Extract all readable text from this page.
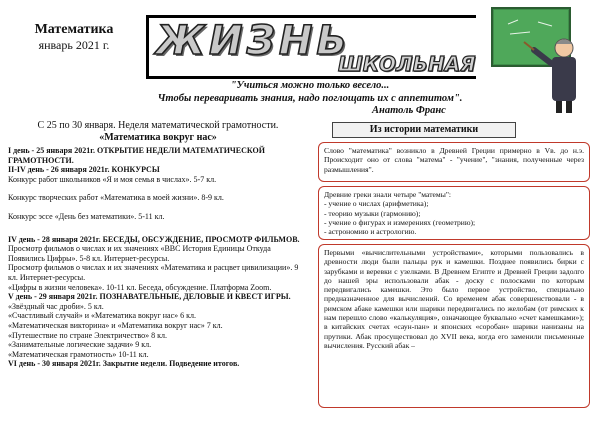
Математика
январь 2021 г.	ЖИЗНЬ
ШКОЛЬНАЯ
"Учиться можно только весело...
Чтобы переваривать знания, надо поглощать их с аппетитом".
Анатоль Франс
С 25 по 30 января. Неделя математической грамотности.
«Математика вокруг нас»

I день - 25 января 2021г. ОТКРЫТИЕ НЕДЕЛИ МАТЕМАТИЧЕСКОЙ ГРАМОТНОСТИ.

II-IV день - 26 января 2021г. КОНКУРСЫ

Конкурс работ школьников «Я и моя семья в числах». 5-7 кл.

Конкурс творческих работ «Математика в моей жизни». 8-9 кл.

Конкурс эссе «День без математики». 5-11 кл.

IV день - 28 января 2021г. БЕСЕДЫ, ОБСУЖДЕНИЕ, ПРОСМОТР ФИЛЬМОВ.

Просмотр фильмов о числах и их значениях «BBC История Единицы Откуда Появились Цифры». 5-8 кл. Интернет-ресурсы.

Просмотр фильмов о числах и их значениях «Математика и расцвет цивилизации». 9 кл. Интернет-ресурсы.

«Цифры в жизни человека». 10-11 кл. Беседа, обсуждение. Платформа Zoom.

V день - 29 января 2021г. ПОЗНАВАТЕЛЬНЫЕ, ДЕЛОВЫЕ И КВЕСТ ИГРЫ.

«Звёздный час дроби». 5 кл.

«Счастливый случай» и «Математика вокруг нас» 6 кл.

«Математическая викторина» и «Математика вокруг нас» 7 кл.

«Путешествие по стране Электричество» 8 кл.

«Занимательные логические задачи» 9 кл.

«Математическая грамотность» 10-11 кл.

VI день - 30 января 2021г. Закрытие недели. Подведение итогов.

Из истории математики
Слово "математика" возникло в Древней Греции примерно в Vв. до н.э. Происходит оно от слова "матема" - "учение", "знания, полученные через размышления".
Древние греки знали четыре "матемы":
- учение о числах (арифметика);
- теорию музыки (гармонию);
- учение о фигурах и измерениях (геометрию);
- астрономию и астрологию.
Первыми «вычислительными устройствами», которыми пользовались в древности люди были пальцы рук и камешки. Позднее появились бирки с зарубками и веревки с узелками. В Древнем Египте и Древней Греции задолго до нашей эры использовали абак - доску с полосками по которым передвигались камешки. Это было первое устройство, специально предназначенное для вычислений. Со временем абак совершенствовали - в римском абаке камешки или шарики передвигались по желобам (от римских к нам перешло слово «калькуляция», означающее буквально «счет камешками»); в китайских счетах «саун-пан» и японских «соробан» шарики нанизаны на прутики. Абак просуществовал до XVII века, когда его заменили письменные вычисления. Русский абак –
